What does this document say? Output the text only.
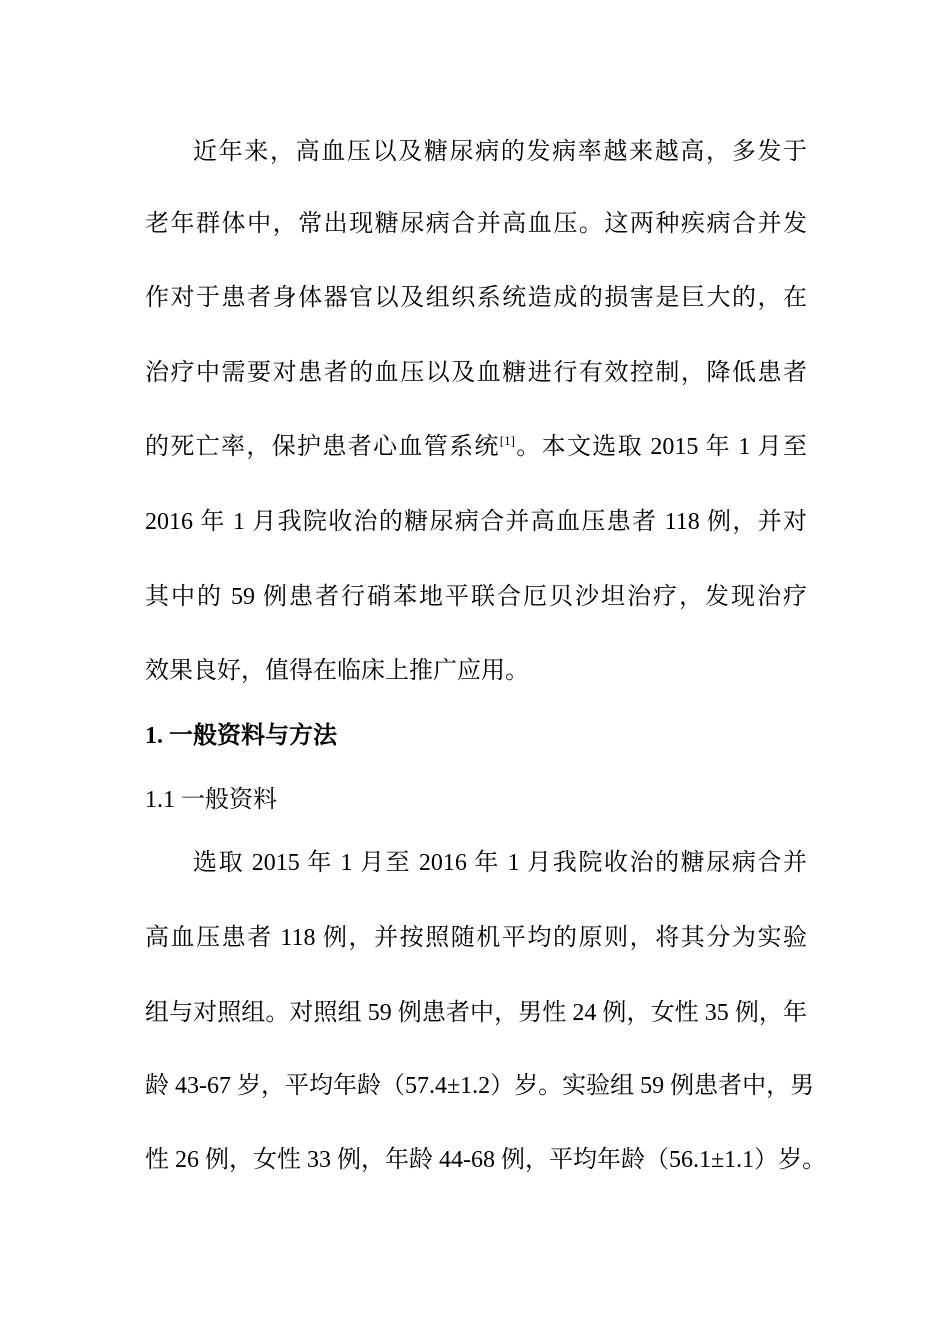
近年来，高血压以及糖尿病的发病率越来越高，多发于
老年群体中，常出现糖尿病合并高血压。这两种疾病合并发
作对于患者身体器官以及组织系统造成的损害是巨大的，在
治疗中需要对患者的血压以及血糖进行有效控制，降低患者
的死亡率，保护患者心血管系统[1]。本文选取 2015 年 1 月至
2016 年 1 月我院收治的糖尿病合并高血压患者 118 例，并对
其中的 59 例患者行硝苯地平联合厄贝沙坦治疗，发现治疗
效果良好，值得在临床上推广应用。
1. 一般资料与方法
1.1 一般资料
选取 2015 年 1 月至 2016 年 1 月我院收治的糖尿病合并
高血压患者 118 例，并按照随机平均的原则，将其分为实验
组与对照组。对照组 59 例患者中，男性 24 例，女性 35 例，年
龄 43-67 岁，平均年龄（57.4±1.2）岁。实验组 59 例患者中，男
性 26 例，女性 33 例，年龄 44-68 例，平均年龄（56.1±1.1）岁。
